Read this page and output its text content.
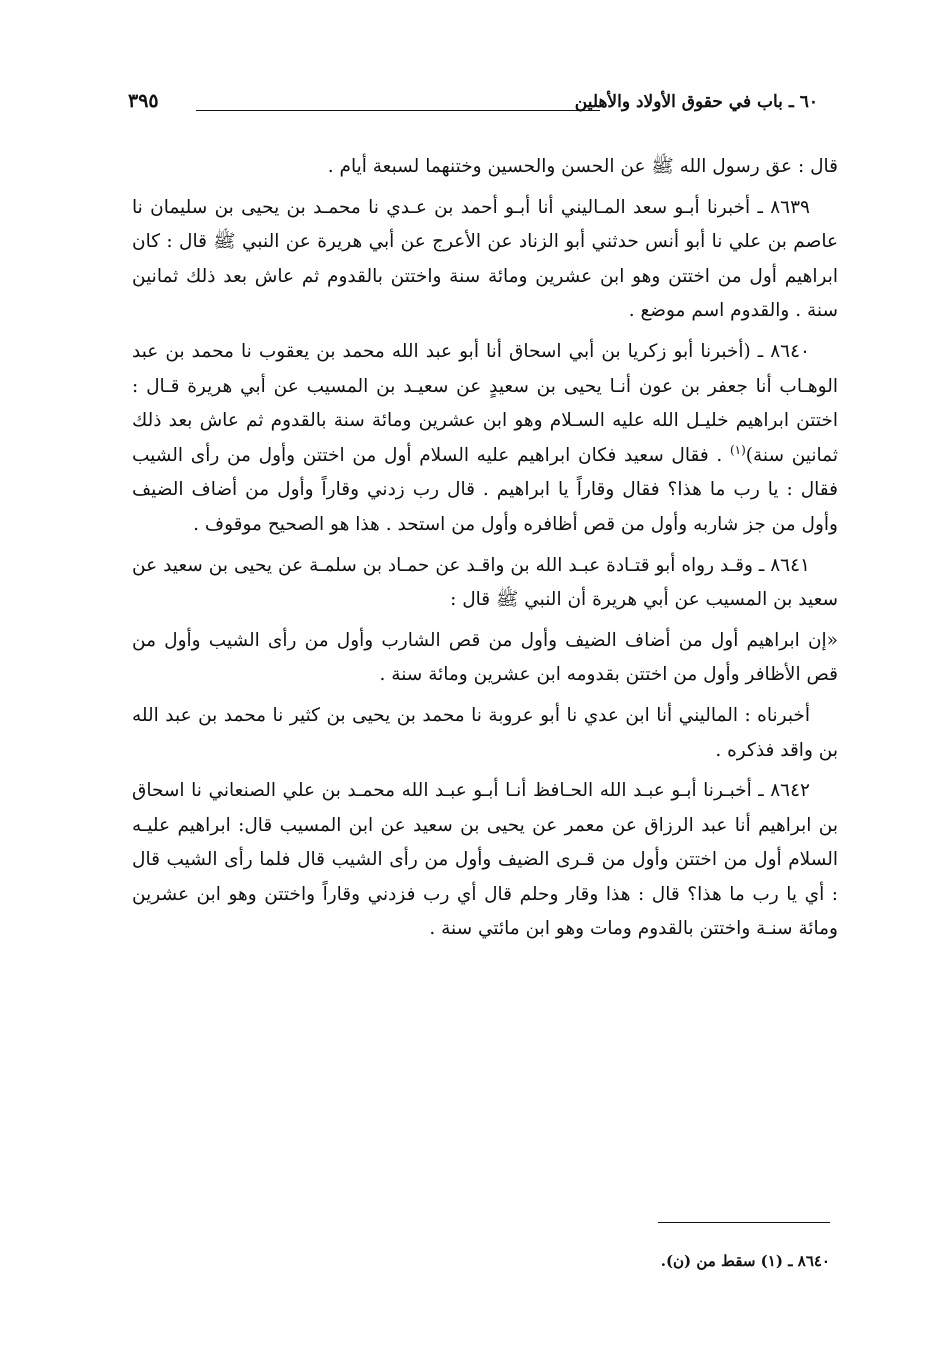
٦٠ ـ باب في حقوق الأولاد والأهلين
٣٩٥

قال : عق رسول الله ﷺ عن الحسن والحسين وختنهما لسبعة أيام .

٨٦٣٩ ـ أخبرنا أبـو سعد المـاليني أنا أبـو أحمد بن عـدي نا محمـد بن يحيى بن سليمان نا عاصم بن علي نا أبو أنس حدثني أبو الزناد عن الأعرج عن أبي هريرة عن النبي ﷺ قال : كان ابراهيم أول من اختتن وهو ابن عشرين ومائة سنة واختتن بالقدوم ثم عاش بعد ذلك ثمانين سنة . والقدوم اسم موضع .

٨٦٤٠ ـ (أخبرنا أبو زكريا بن أبي اسحاق أنا أبو عبد الله محمد بن يعقوب نا محمد بن عبد الوهـاب أنا جعفر بن عون أنـا يحيى بن سعيدٍ عن سعيـد بن المسيب عن أبي هريرة قـال : اختتن ابراهيم خليـل الله عليه السـلام وهو ابن عشرين ومائة سنة بالقدوم ثم عاش بعد ذلك ثمانين سنة)$^{(١)}$ . فقال سعيد فكان ابراهيم عليه السلام أول من اختتن وأول من رأى الشيب فقال : يا رب ما هذا؟ فقال وقاراً يا ابراهيم . قال رب زدني وقاراً وأول من أضاف الضيف وأول من جز شاربه وأول من قص أظافره وأول من استحد . هذا هو الصحيح موقوف .

٨٦٤١ ـ وقـد رواه أبو قتـادة عبـد الله بن واقـد عن حمـاد بن سلمـة عن يحيى بن سعيد عن سعيد بن المسيب عن أبي هريرة أن النبي ﷺ قال :

«إن ابراهيم أول من أضاف الضيف وأول من قص الشارب وأول من رأى الشيب وأول من قص الأظافر وأول من اختتن بقدومه ابن عشرين ومائة سنة .

أخبرناه : الماليني أنا ابن عدي نا أبو عروبة نا محمد بن يحيى بن كثير نا محمد بن عبد الله بن واقد فذكره .

٨٦٤٢ ـ أخبـرنا أبـو عبـد الله الحـافظ أنـا أبـو عبـد الله محمـد بن علي الصنعاني نا اسحاق بن ابراهيم أنا عبد الرزاق عن معمر عن يحيى بن سعيد عن ابن المسيب قال: ابراهيم عليـه السلام أول من اختتن وأول من قـرى الضيف وأول من رأى الشيب قال فلما رأى الشيب قال : أي يا رب ما هذا؟ قال : هذا وقار وحلم قال أي رب فزدني وقاراً واختتن وهو ابن عشرين ومائة سنـة واختتن بالقدوم ومات وهو ابن مائتي سنة .

٨٦٤٠ ـ (١) سقط من (ن).
